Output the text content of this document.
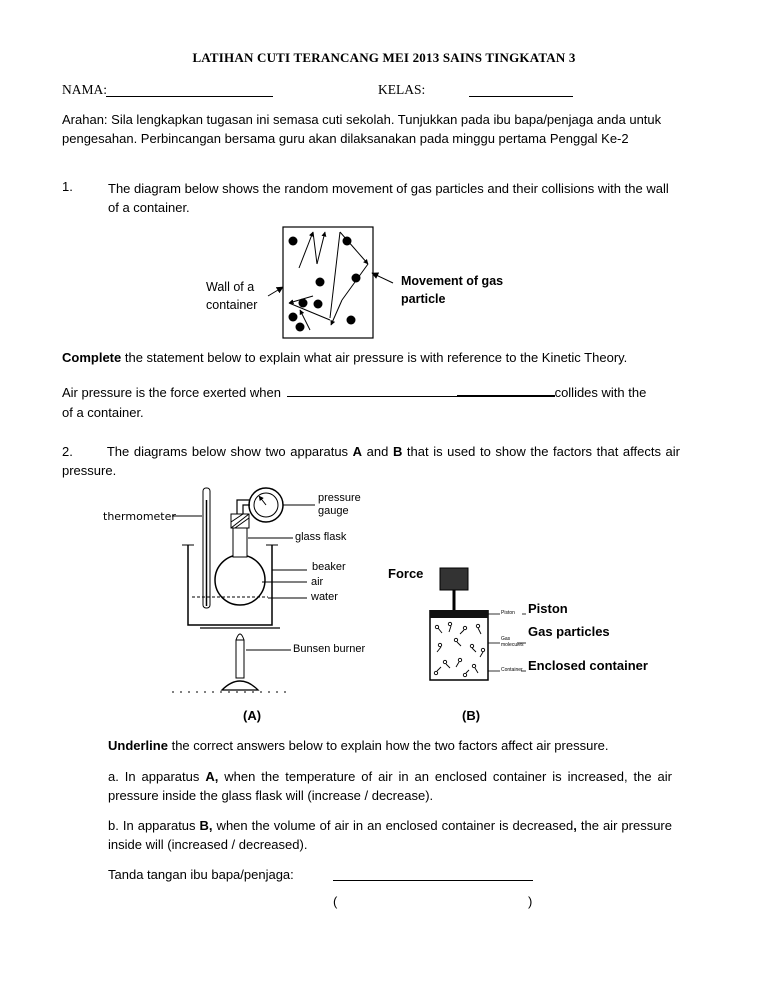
LATIHAN CUTI TERANCANG MEI 2013 SAINS TINGKATAN 3
NAMA:	KELAS:
Arahan: Sila lengkapkan tugasan ini semasa cuti sekolah. Tunjukkan pada ibu bapa/penjaga anda untuk pengesahan. Perbincangan bersama guru akan dilaksanakan pada minggu pertama Penggal Ke-2
1.	The diagram below shows the random movement of gas particles and their collisions with the wall of a container.
Wall of a
container
Movement of gas
particle
Complete the statement below to explain what air pressure is with reference to the Kinetic Theory.
Air pressure is the force exerted when	collides with the
of a container.
2.	The diagrams below show two apparatus A and B that is used to show the factors that affects air pressure.
thermometer
pressure
gauge
glass flask
beaker
air
water
Bunsen burner
(A)
Force
Piston
Gas
molecules
Container
Piston
Gas particles
Enclosed container
(B)
Underline the correct answers below to explain how the two factors affect air pressure.
a. In apparatus A, when the temperature of air in an enclosed container is increased, the air pressure inside the glass flask will (increase / decrease).
b. In apparatus B, when the volume of air in an enclosed container is decreased, the air pressure inside will (increased / decreased).
Tanda tangan ibu bapa/penjaga:
(	)
